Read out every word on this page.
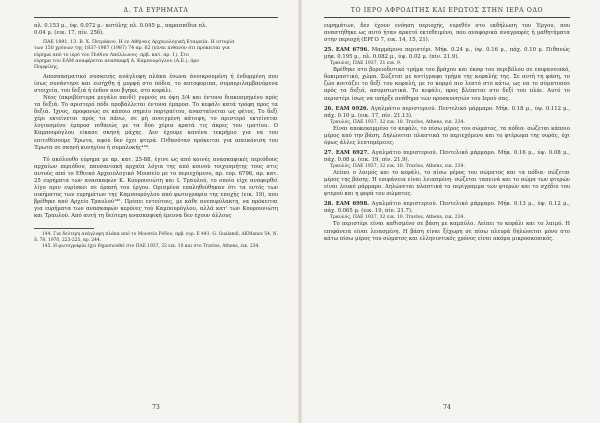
Δ. ΤΑ ΕΥΡΗΜΑΤΑ

πλ. 0.153 μ., ύψ. 0.072 μ.· κοτύλης πλ. 0.045 μ., παρασπίδια πλ.

0.04 μ. (εικ. 17, πίν. 25δ).

ΠΑΕ 1891, 13. Β. Χ. Πετράκου, Η εν Αθήναις Αρχαιολογική Εταιρεία. Η ιστορία

των 150 χρόνων της 1837-1987 (1987) 74 αρ. 62 (είναι πιθανόν ότι πρόκειται για

εύρημα από το ιερό του Πυθίου Απόλλωνος· πρβ. κατ. αρ. 1). Στο

εύρημα του ΕΑΜ αναφέρεται ανασκαφή Δ. Καμπουρόγλου (Α.Ε.), άρο

Πομφίλης.

Αποσπασματικό συσκευής ανάγλυφη πλάκα ένωνα άνοικρουμένη ή ένδυρμένη που ίσως συνάντησε και εισήχθη ή μορφή στο πόδια, το αυτοφοριπα, συμπεριλαμβανόμενα στοιχεία, του δεξιά ή ένδον που βγήκε, στο κεφάλι.

Νέος (ακριβέστερα μεγάλο παιδί) γυμνός σε όψη 3/4 και έντονο διακοσμημένο πρός τα δεξιά. Το αριστερό πόδι προβάλλεται έντονα έμπροσ. Το κεφάλι κατά τρόφη προς τα δεξιά. Ίχνος, προφανώς σε κάποιο σημείο πορτραίτου, ανασταίνεται ως φέτος. Το δεξί χέρι εκτείνεται πρός τα πάνω, σε μή ανοιγμένη κάτοψη, το αριστερό εκτείνεται λογιασμένο έμπροσ πιθανώς με τα δύο χέρια κρατά τις άκρες του ιματίου. Ο Καμπουρόγλου είκασε σκηνή μάχης. Δεν έχουμε κανένα τεκμήριο για να του επιτεθέσουμε Έρωτα, αφού δεν έχει φτερά. Πιθανόταν πρόκειται για απεικόνιση του Έρωτα σε σκηνή κυνηγίου ή συμπλοκής¹⁴⁴.

Τό ακόλουθο εύρημα με αρ. κατ. 25-88, έγινε ως από κοινές ανασκαφικές περιόδους αρχαίων περιόδου, παυσανιακή αρχαία λόγια της από κοινού τοιχοσμήτης τους στις αυτούς από το Εθνικό Αρχαιολογικό Μουσείο με το περιεχόμενο, αρ. ευρ. 6796, αρ. κατ. 25 ευρήματα των ανασκαφών Κ. Κουρουνιώτη και Ι. Τραυλού, το οποίο είχε αναφερθεί λίγο πριν ευρίσκει σε όρασή του έργου. Ορισμένα επαληθεύθηκαν ότι τα εντός των οικήματος των ευρημάτων της Καμπουρόγλου από φωτογραφία της εποχής (εικ. 19), που βρέθηκε από Αρχείο Τραυλού¹⁴⁵. Πρέπει εντούτοις, με κάθε ανεπιφύλακτη, να πρόκειται για ευρήματα των ανασκαφών κερόνες τού Καμπουρόγλου, αλλά κατ' των Κουρουνιώτη και Τραυλού. Από αυτή τη δεύτερη ανασκαφική έρευνα δεν έχουν άλλους

144. Για δεύτερη ανάγλυφη πλάκα από το Μουσείο Ρόδου, πρβ. ευρ. Ε 441· G. Gualandi, AKManos 54, Ν. S. 78, 1970, 223-225, αρ. 244.

145. Η φωτογραφία έχει δημοσιευθεί στο ΠΑΕ 1937, 32 εικ. 10 και στο Travlos, Athens, εικ. 234.

73
ΤΟ ΙΕΡΟ ΑΦΡΟΔΙΤΗΣ ΚΑΙ ΕΡΩΤΟΣ ΣΤΗΝ ΙΕΡΑ ΟΔΟ

ευρημάτων, δεν έχουν ενόηση περιοχής, ευρεθέν στο εκδήλωση του Έργου, που αναστήθηκε ως αυτό ήταν αρκετό εκτεθειμένο, που αναφορικά αναγραφές ή μαθητήματα στην περιοχή (ΕΡΓΟ 7, εικ. 14, 15, 21).

25. ΕΑΜ 6796. Μαρμάρινο περιστέρι. Μήκ. 0.24 μ., ύψ. 0.16 μ., πάχ. 0.10 μ. Πιθανώς μήκ. 0.195 μ., πλ. 0.082 μ., ύψ. 0.02 μ. (πίν. 21.9).

Τραυλός, ΠΑΕ 1937, 31 εικ. 9.

Βρέθηκε στο βορειοδυτικό τμήμα του βράχου και έκσφ του περιβόλου σε επιφανειακό, δοκιμαστικό, χώμα. Σώζεται με αντίγραφο τμήμα της κεφαλής της. Σε αυτή τη φάση, το ζώο κοιτάζει το δεξί του κεφαλή, με το κορμό πιο λεπτό στο κάτω, ως να το σύμπτυσσε πρός τα δεξιά, ασυμπτωτικά. Το κεφάλι, προς βλέπεται στο δεξί του πλάι. Αυτό το περιστέρι ίσως να υπήρξε ανάθημα των προσκυνητών του Ιερού σας.

26. ΕΑΜ 6926. Αγαλμάτιο περιστεριού. Πεντελικό μάρμαρο. Μήκ. 0.18 μ., ύψ. 0.112 μ., πάχ. 0.10 μ. (εικ. 17, πίν. 21.13).

Τραυλός, ΠΑΕ 1937, 32 εικ. 10. Travlos, Athens, εικ. 234.

Είναι αποκεκομμένο το κεφάλι, το πίσω μέρος του σώματος, τα πόδια· σώζεται κάποιο μέρος από την βάση. Δηλώνεται πλαστικά το περιεχόμενο και το φτέρωμα της ουράς, όχι όμως άλλες λεπτομέρειες.

27. ΕΑΜ 6927. Αγαλμάτιο περιστεριού. Πεντελικό μάρμαρο. Μήκ. 0.16 μ., ύψ. 0.08 μ., πάχ. 0.08 μ. (εικ. 19, πίν. 21.9).

Τραυλός, ΠΑΕ 1937, 32 εικ. 10. Travlos, Athens, εικ. 234.

Λείπει ο λαιμός και το κεφάλι, το πίσω μέρος του σώματος και τα πόδια· σώζεται μέρος της βάσης. Η επιφάνεια είναι λειασμένη· σώζεται ταπεινά και το σώμα των φτερών είναι λευκό μάρμαρο. Δηλώνεται πλαστικά το περίγραμμα των φτερών και το σχέδιο του φτερού και η φορά του σώματος.

28. ΕΑΜ 6998. Αγαλμάτιο περιστεριού. Πεντελικό μάρμαρο. Μήκ. 0.13 μ., ύψ. 0.12 μ., πάχ. 0.065 μ. (εικ. 19, πίν. 21.7).

Τραυλός, ΠΑΕ 1937, 32 εικ. 10. Travlos, Athens, εικ. 234.

Το περιστέρι είναι καθισμένο σε βάση με καμπύλο. Λείπει το κεφάλι και το λαιμό. Η επιφάνεια είναι λειασμένη. Η βάση είναι ξέχωρη σε πίσω πλευρά δηλώνεται μόνο στο κάτω πίσω μέρος του σώματος και ελληνιστικός χρόνος είναι ακόμα μικροσκοπικός.

74
